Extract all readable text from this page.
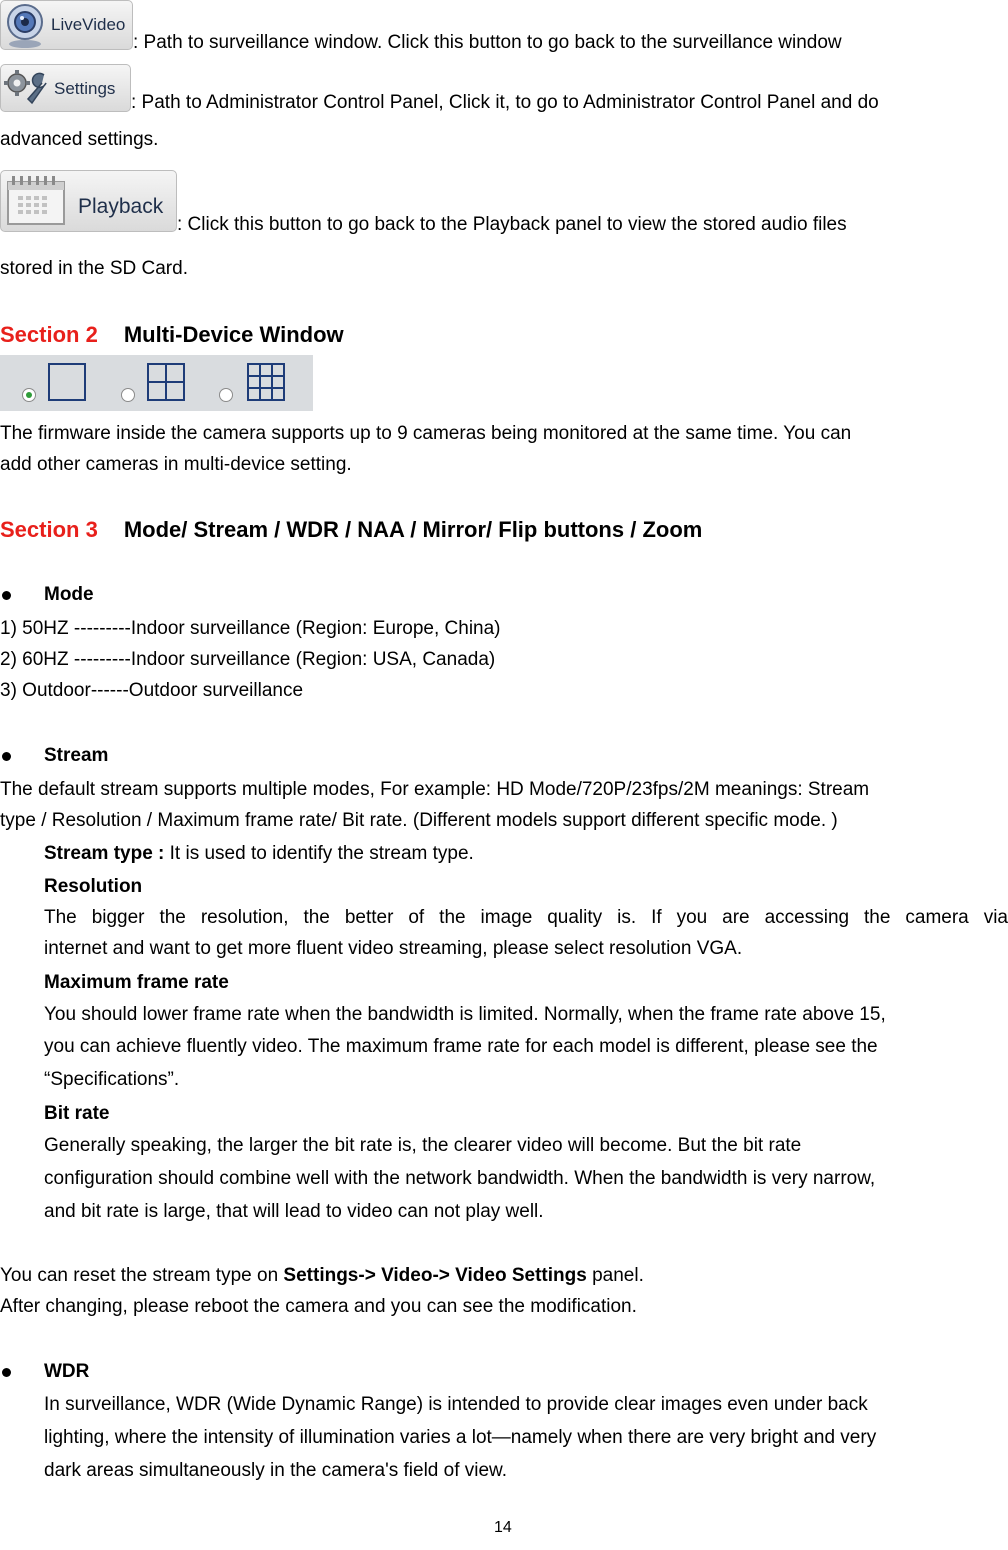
LiveVideo
: Path to surveillance window. Click this button to go back to the surveillance window
Settings
: Path to Administrator Control Panel, Click it, to go to Administrator Control Panel and do
advanced settings.
Playback
: Click this button to go back to the Playback panel to view the stored audio files
stored in the SD Card.
Section 2 Multi-Device Window
The firmware inside the camera supports up to 9 cameras being monitored at the same time. You can
add other cameras in multi-device setting.
Section 3 Mode/ Stream / WDR / NAA / Mirror/ Flip buttons / Zoom
Mode
1) 50HZ ---------Indoor surveillance (Region: Europe, China)
2) 60HZ ---------Indoor surveillance (Region: USA, Canada)
3) Outdoor------Outdoor surveillance
Stream
The default stream supports multiple modes, For example: HD Mode/720P/23fps/2M meanings: Stream
type / Resolution / Maximum frame rate/ Bit rate. (Different models support different specific mode. )
Stream type : It is used to identify the stream type.
Resolution
The bigger the resolution, the better of the image quality is. If you are accessing the camera via
internet and want to get more fluent video streaming, please select resolution VGA.
Maximum frame rate
You should lower frame rate when the bandwidth is limited. Normally, when the frame rate above 15,
you can achieve fluently video. The maximum frame rate for each model is different, please see the
“Specifications”.
Bit rate
Generally speaking, the larger the bit rate is, the clearer video will become. But the bit rate
configuration should combine well with the network bandwidth. When the bandwidth is very narrow,
and bit rate is large, that will lead to video can not play well.
You can reset the stream type on Settings-> Video-> Video Settings panel.
After changing, please reboot the camera and you can see the modification.
WDR
In surveillance, WDR (Wide Dynamic Range) is intended to provide clear images even under back
lighting, where the intensity of illumination varies a lot—namely when there are very bright and very
dark areas simultaneously in the camera's field of view.
14
